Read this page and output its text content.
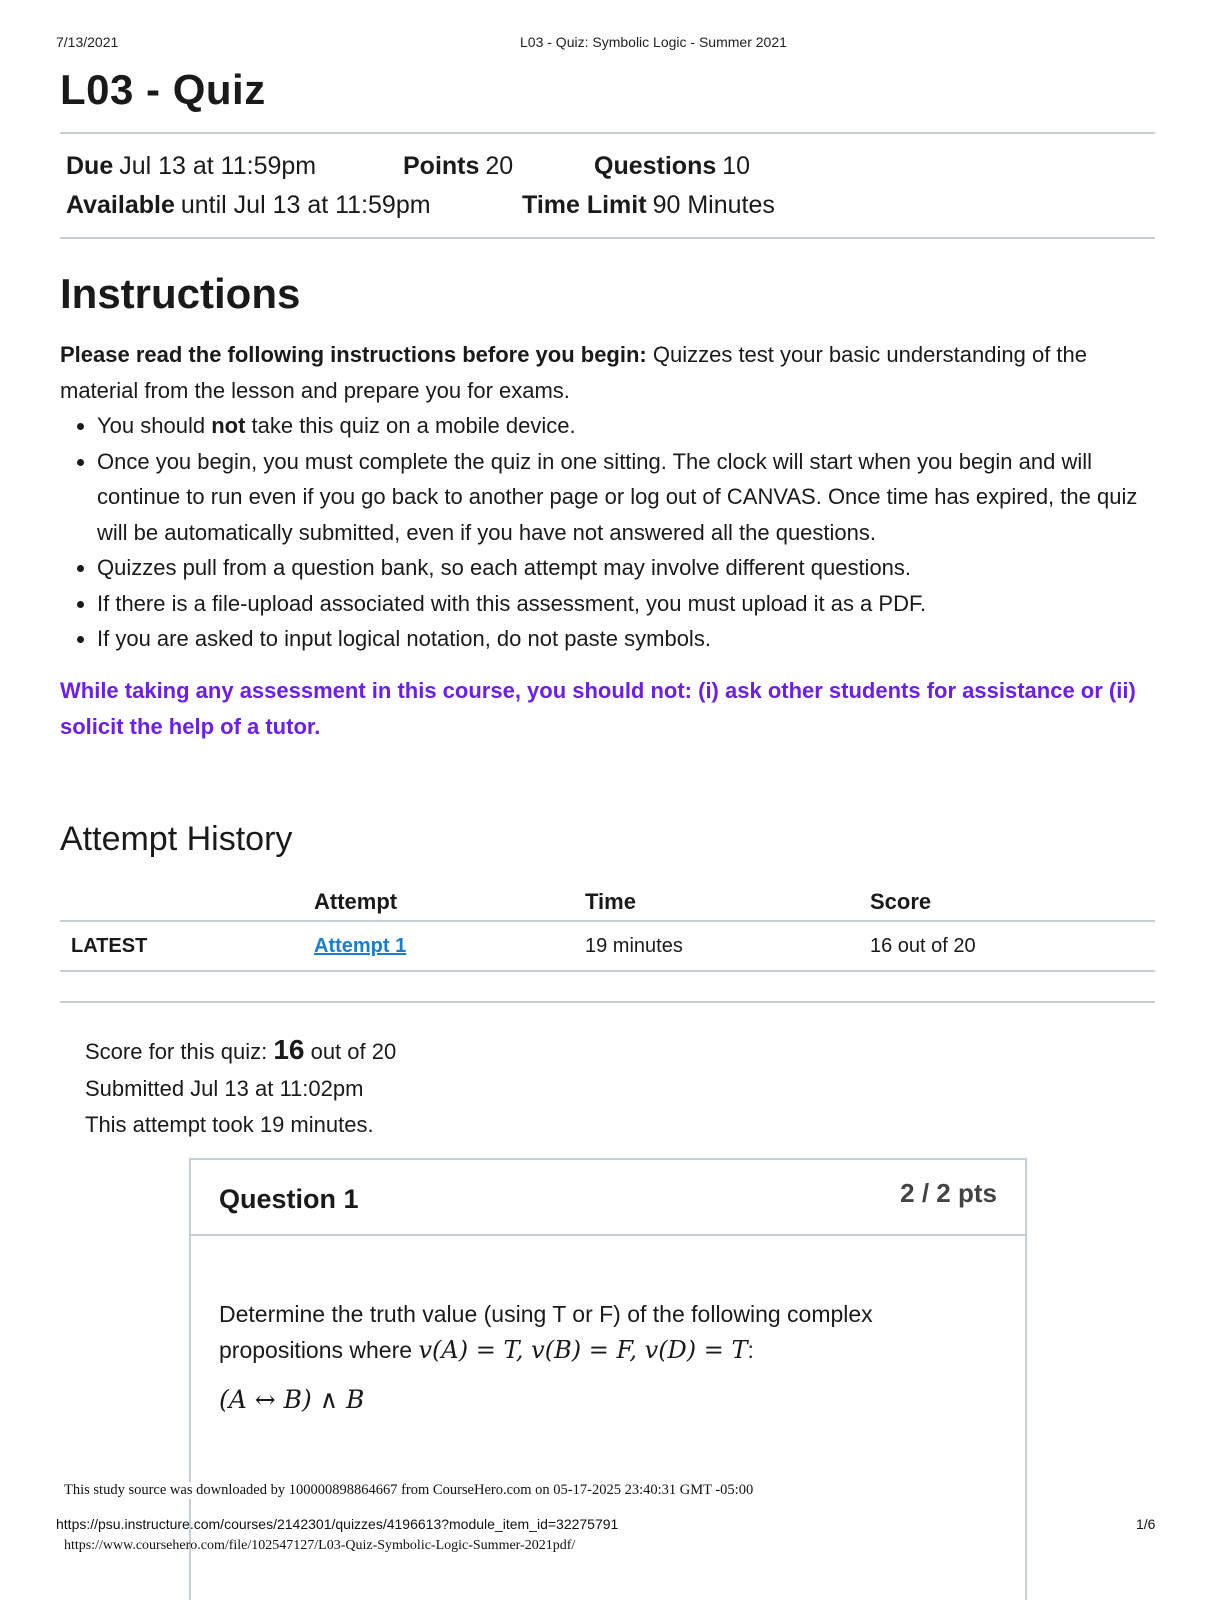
7/13/2021	L03 - Quiz: Symbolic Logic - Summer 2021
L03 - Quiz
Due Jul 13 at 11:59pm	Points 20	Questions 10
Available until Jul 13 at 11:59pm	Time Limit 90 Minutes
Instructions

Please read the following instructions before you begin: Quizzes test your basic understanding of the material from the lesson and prepare you for exams.

• You should not take this quiz on a mobile device.
• Once you begin, you must complete the quiz in one sitting. The clock will start when you begin and will continue to run even if you go back to another page or log out of CANVAS. Once time has expired, the quiz will be automatically submitted, even if you have not answered all the questions.
• Quizzes pull from a question bank, so each attempt may involve different questions.
• If there is a file-upload associated with this assessment, you must upload it as a PDF.
• If you are asked to input logical notation, do not paste symbols.
While taking any assessment in this course, you should not: (i) ask other students for assistance or (ii) solicit the help of a tutor.
Attempt History
	Attempt	Time	Score
LATEST	Attempt 1	19 minutes	16 out of 20
Score for this quiz: 16 out of 20
Submitted Jul 13 at 11:02pm
This attempt took 19 minutes.
Question 1	2 / 2 pts

Determine the truth value (using T or F) of the following complex

propositions where v(A) = T, v(B) = F, v(D) = T:

(A ↔ B) ∧ B

This study source was downloaded by 100000898864667 from CourseHero.com on 05-17-2025 23:40:31 GMT -05:00
https://psu.instructure.com/courses/2142301/quizzes/4196613?module_item_id=32275791	1/6
https://www.coursehero.com/file/102547127/L03-Quiz-Symbolic-Logic-Summer-2021pdf/
